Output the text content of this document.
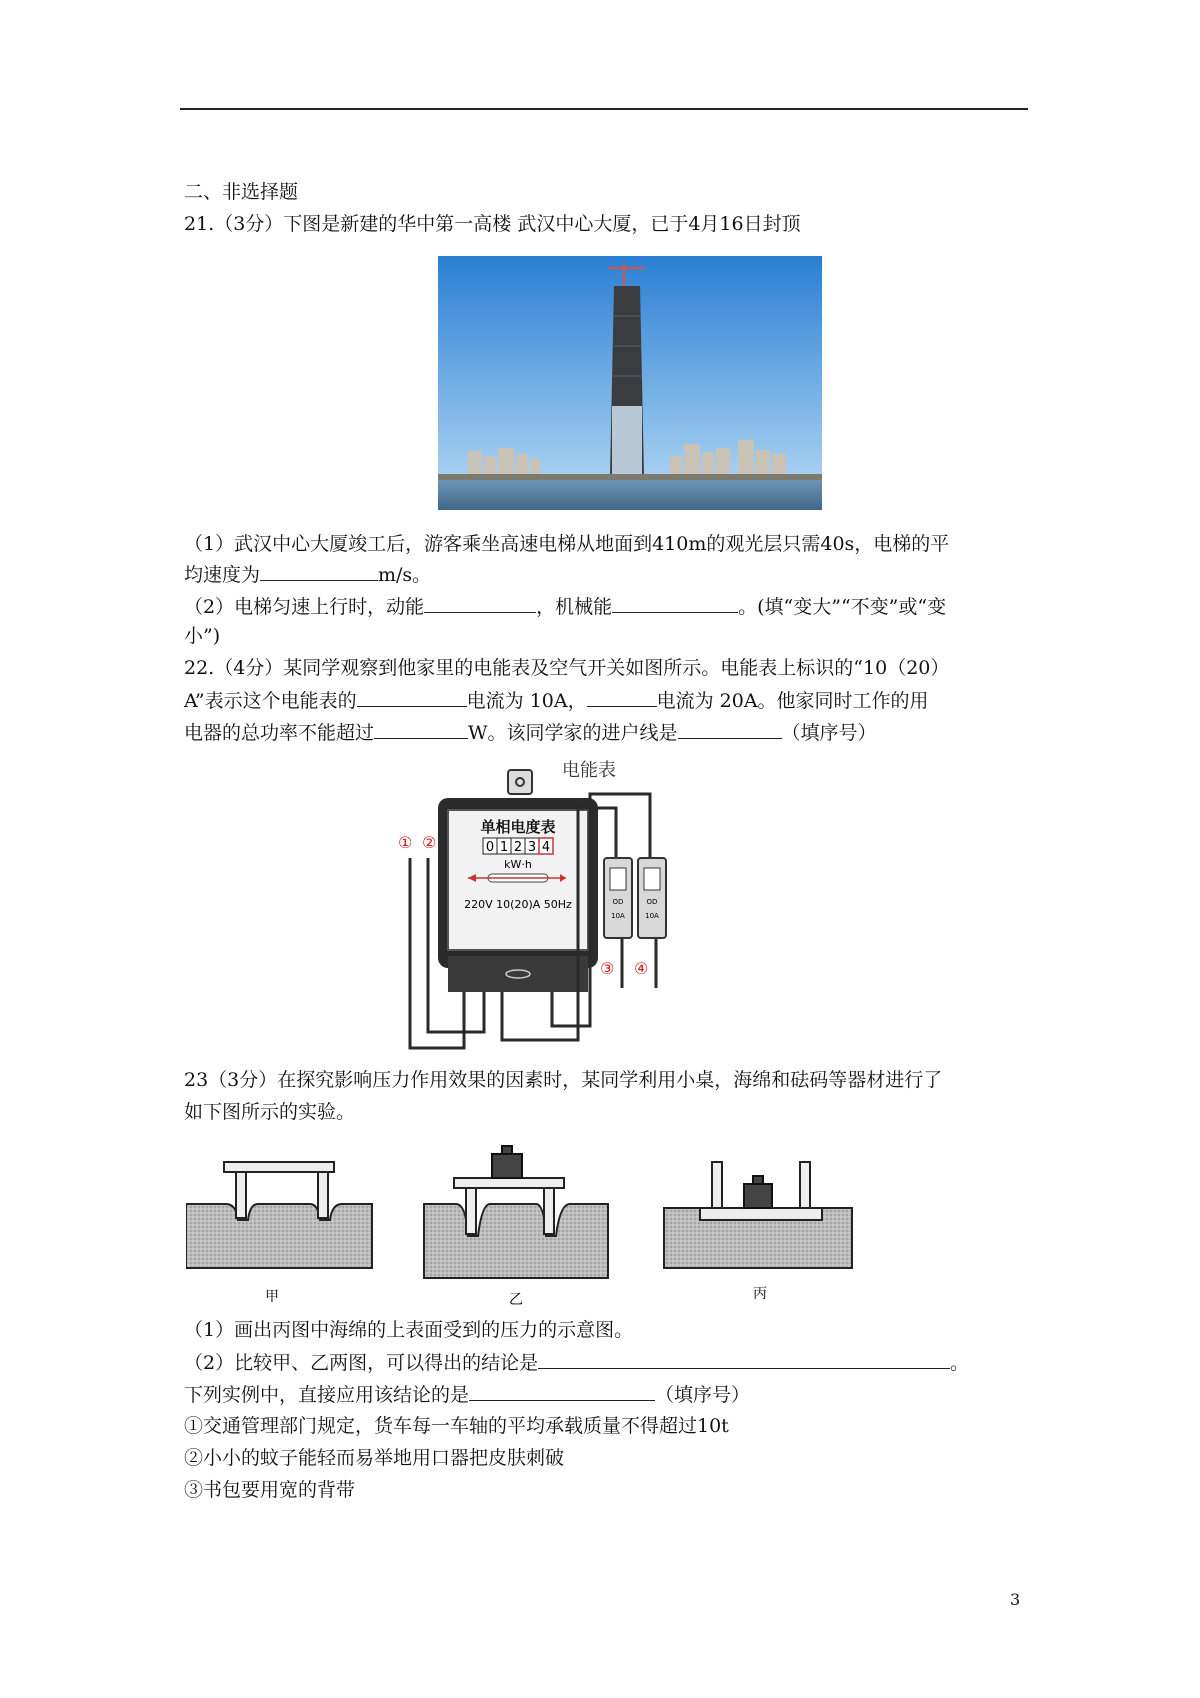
二、非选择题
21.（3分）下图是新建的华中第一高楼 武汉中心大厦，已于4月16日封顶
（1）武汉中心大厦竣工后，游客乘坐高速电梯从地面到410m的观光层只需40s，电梯的平
均速度为	m/s。
（2）电梯匀速上行时，动能	，机械能	。(填“变大”“不变”或“变
小”)
22.（4分）某同学观察到他家里的电能表及空气开关如图所示。电能表上标识的“10（20）
A”表示这个电能表的	电流为 10A，	电流为 20A。他家同时工作的用
电器的总功率不能超过	W。该同学家的进户线是	（填序号）
电能表
单相电度表
0 1 2 3 4
kW·h
220V 10(20)A 50Hz
① ②
OD
10A
OD
10A
③ ④
23（3分）在探究影响压力作用效果的因素时，某同学利用小桌，海绵和砝码等器材进行了
如下图所示的实验。
甲	乙	丙
（1）画出丙图中海绵的上表面受到的压力的示意图。
（2）比较甲、乙两图，可以得出的结论是	。
下列实例中，直接应用该结论的是	（填序号）
①交通管理部门规定，货车每一车轴的平均承载质量不得超过10t
②小小的蚊子能轻而易举地用口器把皮肤刺破
③书包要用宽的背带
3
